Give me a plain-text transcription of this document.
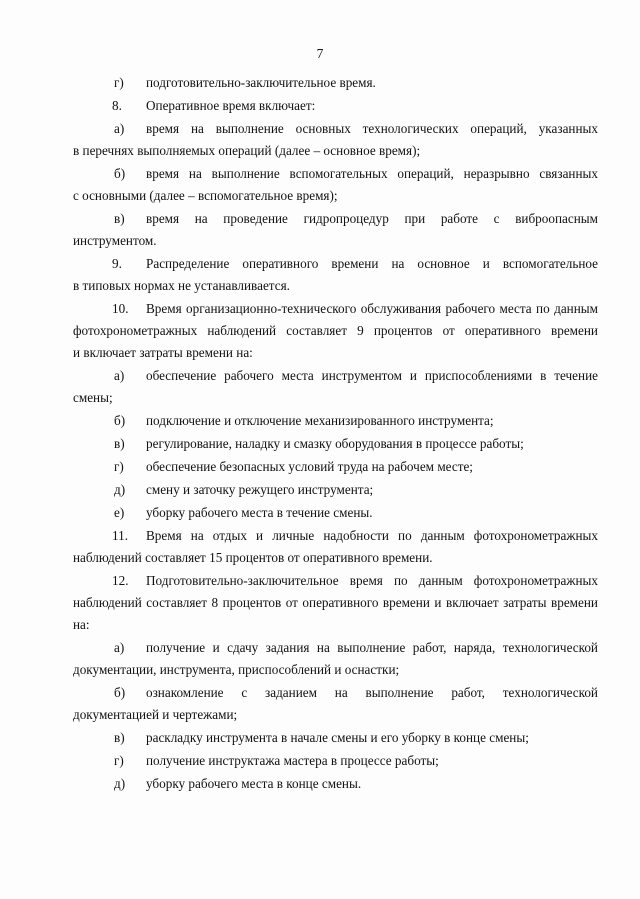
7
г)	подготовительно-заключительное время.
8.	Оперативное время включает:
а)	время на выполнение основных технологических операций, указанных
в перечнях выполняемых операций (далее – основное время);
б)	время на выполнение вспомогательных операций, неразрывно связанных
с основными (далее – вспомогательное время);
в)	время на проведение гидропроцедур при работе с виброопасным
инструментом.
9.	Распределение оперативного времени на основное и вспомогательное
в типовых нормах не устанавливается.
10.	Время организационно-технического обслуживания рабочего места по данным
фотохронометражных наблюдений составляет 9 процентов от оперативного времени
и включает затраты времени на:
а)	обеспечение рабочего места инструментом и приспособлениями в течение
смены;
б)	подключение и отключение механизированного инструмента;
в)	регулирование, наладку и смазку оборудования в процессе работы;
г)	обеспечение безопасных условий труда на рабочем месте;
д)	смену и заточку режущего инструмента;
е)	уборку рабочего места в течение смены.
11.	Время на отдых и личные надобности по данным фотохронометражных
наблюдений составляет 15 процентов от оперативного времени.
12.	Подготовительно-заключительное время по данным фотохронометражных
наблюдений составляет 8 процентов от оперативного времени и включает затраты времени
на:
а)	получение и сдачу задания на выполнение работ, наряда, технологической
документации, инструмента, приспособлений и оснастки;
б)	ознакомление с заданием на выполнение работ, технологической
документацией и чертежами;
в)	раскладку инструмента в начале смены и его уборку в конце смены;
г)	получение инструктажа мастера в процессе работы;
д)	уборку рабочего места в конце смены.
